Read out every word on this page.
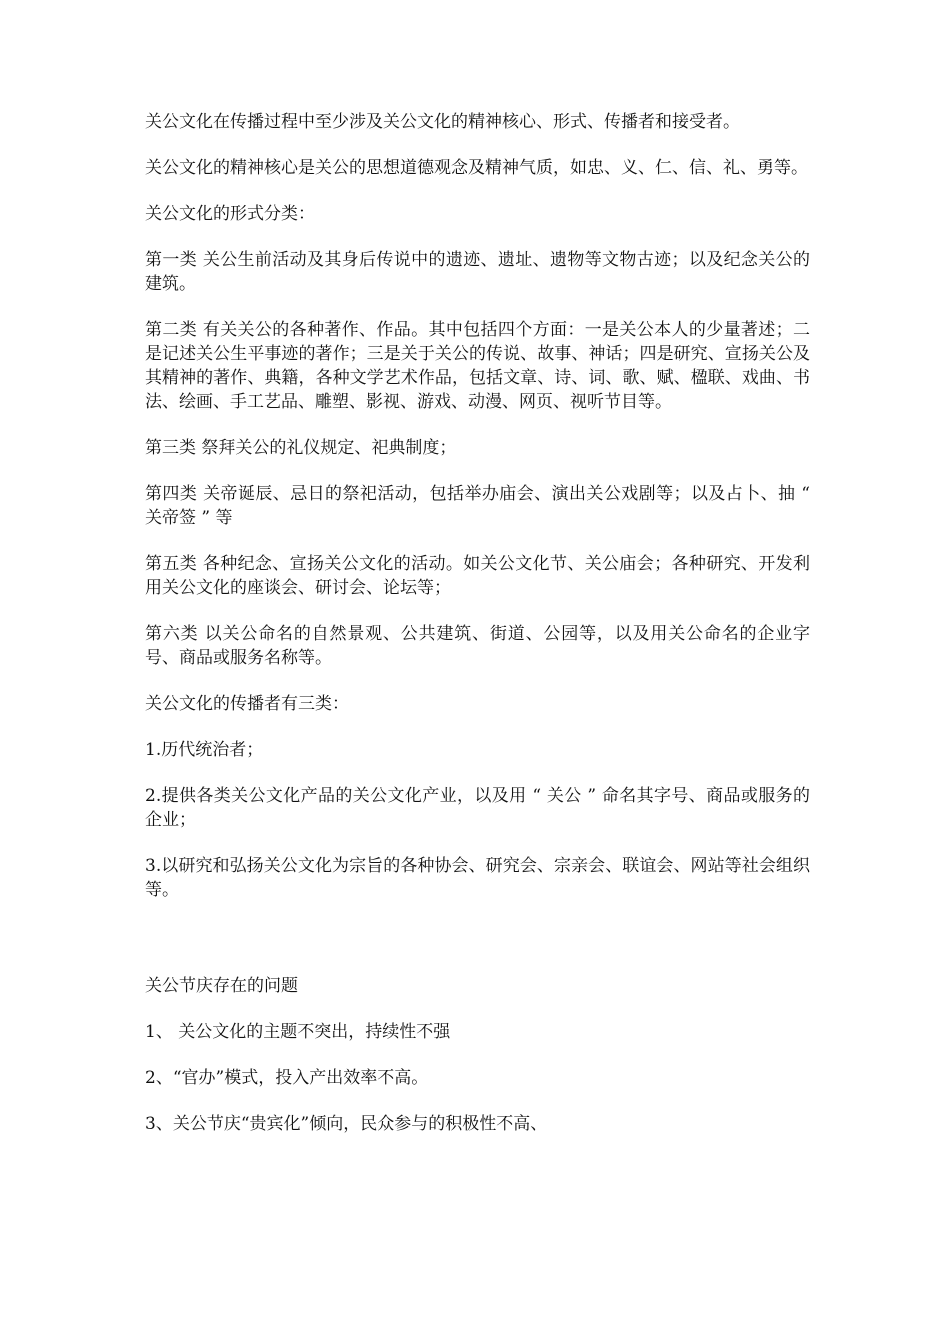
关公文化在传播过程中至少涉及关公文化的精神核心、形式、传播者和接受者。

关公文化的精神核心是关公的思想道德观念及精神气质，如忠、义、仁、信、礼、勇等。

关公文化的形式分类：

第一类 关公生前活动及其身后传说中的遗迹、遗址、遗物等文物古迹；以及纪念关公的建筑。

第二类 有关关公的各种著作、作品。其中包括四个方面：一是关公本人的少量著述；二是记述关公生平事迹的著作；三是关于关公的传说、故事、神话；四是研究、宣扬关公及其精神的著作、典籍，各种文学艺术作品，包括文章、诗、词、歌、赋、楹联、戏曲、书法、绘画、手工艺品、雕塑、影视、游戏、动漫、网页、视听节目等。

第三类 祭拜关公的礼仪规定、祀典制度；

第四类 关帝诞辰、忌日的祭祀活动，包括举办庙会、演出关公戏剧等；以及占卜、抽 “ 关帝签 ” 等

第五类 各种纪念、宣扬关公文化的活动。如关公文化节、关公庙会；各种研究、开发利用关公文化的座谈会、研讨会、论坛等；

第六类 以关公命名的自然景观、公共建筑、街道、公园等，以及用关公命名的企业字号、商品或服务名称等。

关公文化的传播者有三类：

1.历代统治者；

2.提供各类关公文化产品的关公文化产业，以及用 “ 关公 ” 命名其字号、商品或服务的企业；

3.以研究和弘扬关公文化为宗旨的各种协会、研究会、宗亲会、联谊会、网站等社会组织等。

关公节庆存在的问题

1、 关公文化的主题不突出，持续性不强

2、“官办”模式，投入产出效率不高。

3、关公节庆“贵宾化”倾向，民众参与的积极性不高、
